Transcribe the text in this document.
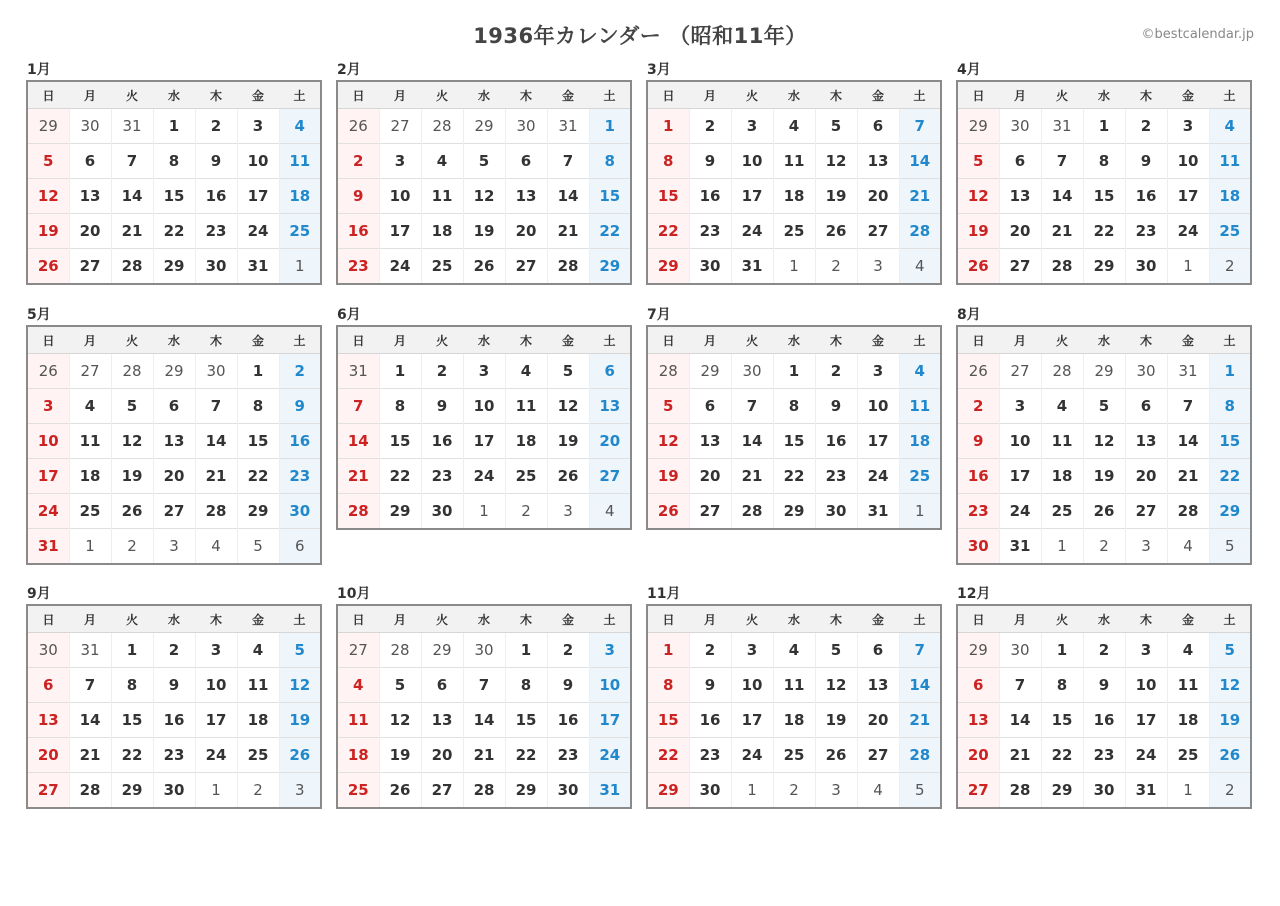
1936年カレンダー （昭和11年）	©bestcalendar.jp
1月
日	月	火	水	木	金	土
29	30	31	1	2	3	4
5	6	7	8	9	10	11
12	13	14	15	16	17	18
19	20	21	22	23	24	25
26	27	28	29	30	31	1
2月
日	月	火	水	木	金	土
26	27	28	29	30	31	1
2	3	4	5	6	7	8
9	10	11	12	13	14	15
16	17	18	19	20	21	22
23	24	25	26	27	28	29
3月
日	月	火	水	木	金	土
1	2	3	4	5	6	7
8	9	10	11	12	13	14
15	16	17	18	19	20	21
22	23	24	25	26	27	28
29	30	31	1	2	3	4
4月
日	月	火	水	木	金	土
29	30	31	1	2	3	4
5	6	7	8	9	10	11
12	13	14	15	16	17	18
19	20	21	22	23	24	25
26	27	28	29	30	1	2
5月
日	月	火	水	木	金	土
26	27	28	29	30	1	2
3	4	5	6	7	8	9
10	11	12	13	14	15	16
17	18	19	20	21	22	23
24	25	26	27	28	29	30
31	1	2	3	4	5	6
6月
日	月	火	水	木	金	土
31	1	2	3	4	5	6
7	8	9	10	11	12	13
14	15	16	17	18	19	20
21	22	23	24	25	26	27
28	29	30	1	2	3	4
7月
日	月	火	水	木	金	土
28	29	30	1	2	3	4
5	6	7	8	9	10	11
12	13	14	15	16	17	18
19	20	21	22	23	24	25
26	27	28	29	30	31	1
8月
日	月	火	水	木	金	土
26	27	28	29	30	31	1
2	3	4	5	6	7	8
9	10	11	12	13	14	15
16	17	18	19	20	21	22
23	24	25	26	27	28	29
30	31	1	2	3	4	5
9月
日	月	火	水	木	金	土
30	31	1	2	3	4	5
6	7	8	9	10	11	12
13	14	15	16	17	18	19
20	21	22	23	24	25	26
27	28	29	30	1	2	3
10月
日	月	火	水	木	金	土
27	28	29	30	1	2	3
4	5	6	7	8	9	10
11	12	13	14	15	16	17
18	19	20	21	22	23	24
25	26	27	28	29	30	31
11月
日	月	火	水	木	金	土
1	2	3	4	5	6	7
8	9	10	11	12	13	14
15	16	17	18	19	20	21
22	23	24	25	26	27	28
29	30	1	2	3	4	5
12月
日	月	火	水	木	金	土
29	30	1	2	3	4	5
6	7	8	9	10	11	12
13	14	15	16	17	18	19
20	21	22	23	24	25	26
27	28	29	30	31	1	2
